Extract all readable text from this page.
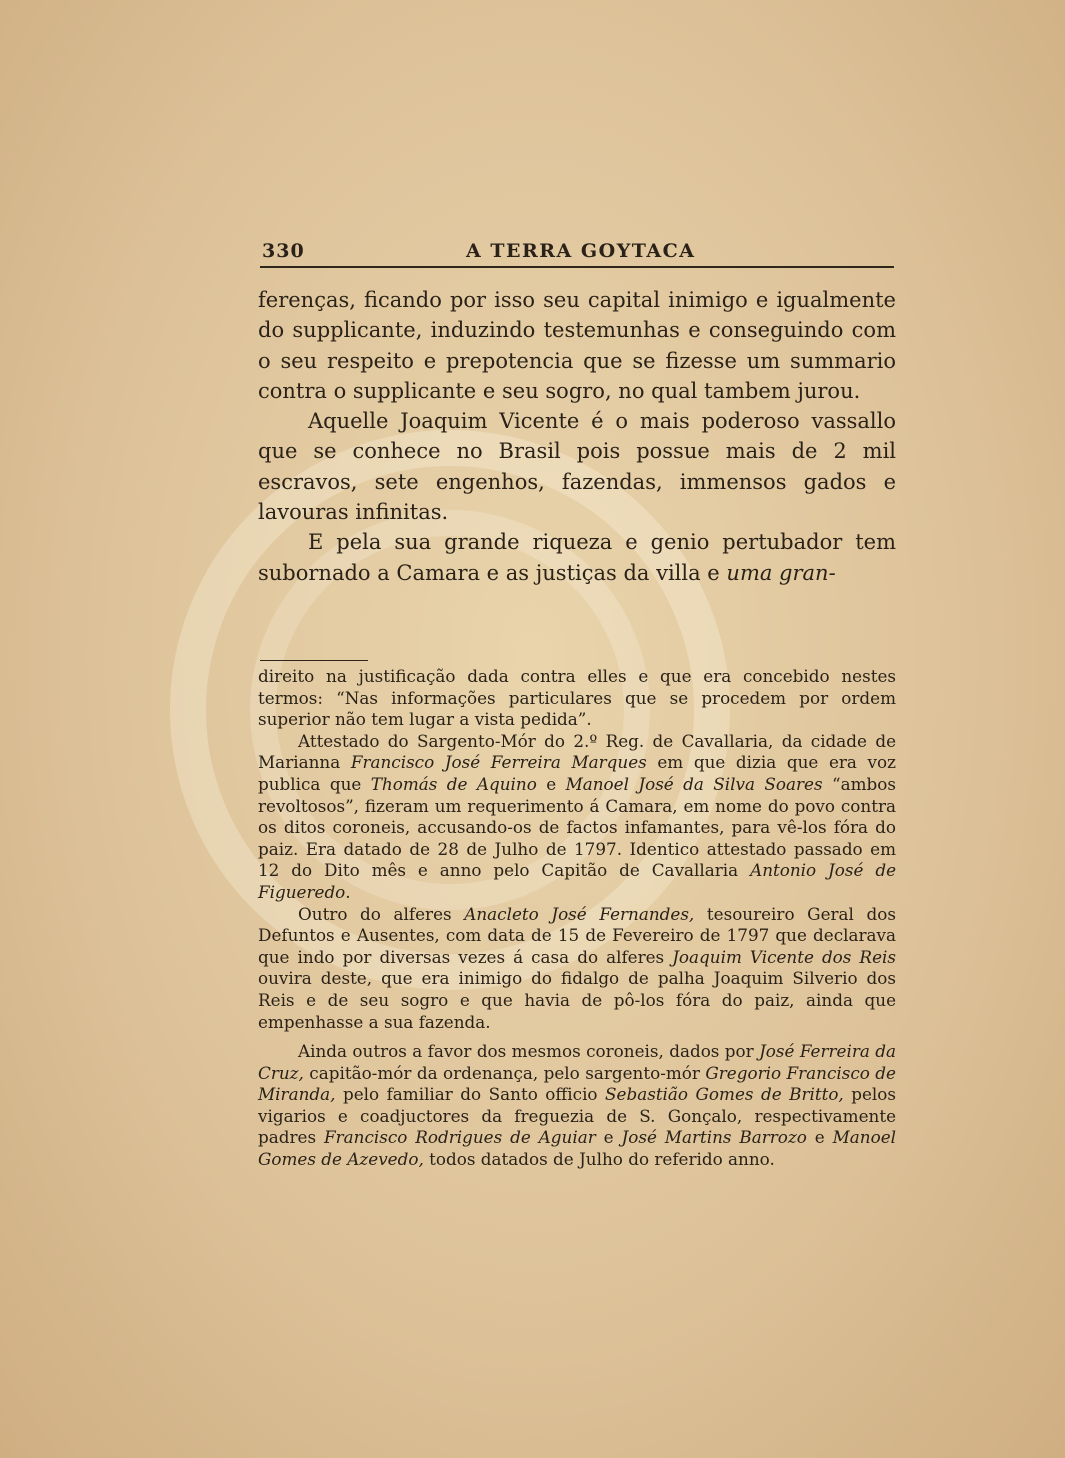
330	A TERRA GOYTACA

ferenças, ficando por isso seu capital inimigo e igualmente do supplicante, induzindo testemunhas e conseguindo com o seu respeito e prepotencia que se fizesse um summario contra o supplicante e seu sogro, no qual tambem jurou.

Aquelle Joaquim Vicente é o mais poderoso vassallo que se conhece no Brasil pois possue mais de 2 mil escravos, sete engenhos, fazendas, immensos gados e lavouras infinitas.

E pela sua grande riqueza e genio pertubador tem subornado a Camara e as justiças da villa e uma gran-

direito na justificação dada contra elles e que era concebido nestes termos: “Nas informações particulares que se procedem por ordem superior não tem lugar a vista pedida”.

Attestado do Sargento-Mór do 2.º Reg. de Cavallaria, da cidade de Marianna Francisco José Ferreira Marques em que dizia que era voz publica que Thomás de Aquino e Manoel José da Silva Soares “ambos revoltosos”, fizeram um requerimento á Camara, em nome do povo contra os ditos coroneis, accusando-os de factos infamantes, para vê-los fóra do paiz. Era datado de 28 de Julho de 1797. Identico attestado passado em 12 do Dito mês e anno pelo Capitão de Cavallaria Antonio José de Figueredo.

Outro do alferes Anacleto José Fernandes, tesoureiro Geral dos Defuntos e Ausentes, com data de 15 de Fevereiro de 1797 que declarava que indo por diversas vezes á casa do alferes Joaquim Vicente dos Reis ouvira deste, que era inimigo do fidalgo de palha Joaquim Silverio dos Reis e de seu sogro e que havia de pô-los fóra do paiz, ainda que empenhasse a sua fazenda.

Ainda outros a favor dos mesmos coroneis, dados por José Ferreira da Cruz, capitão-mór da ordenança, pelo sargento-mór Gregorio Francisco de Miranda, pelo familiar do Santo officio Sebastião Gomes de Britto, pelos vigarios e coadjuctores da freguezia de S. Gonçalo, respectivamente padres Francisco Rodrigues de Aguiar e José Martins Barrozo e Manoel Gomes de Azevedo, todos datados de Julho do referido anno.
